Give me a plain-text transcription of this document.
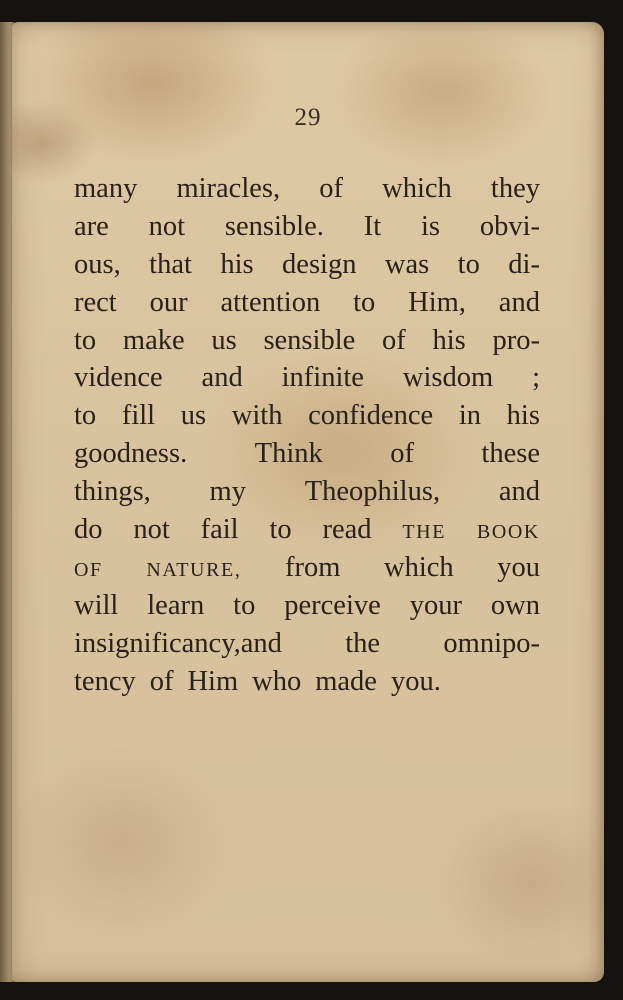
29
many miracles, of which they
are not sensible. It is obvi-
ous, that his design was to di-
rect our attention to Him, and
to make us sensible of his pro-
vidence and infinite wisdom ;
to fill us with confidence in his
goodness. Think of these
things, my Theophilus, and
do not fail to read THE BOOK
OF NATURE, from which you
will learn to perceive your own
insignificancy,and the omnipo-
tency of Him who made you.
